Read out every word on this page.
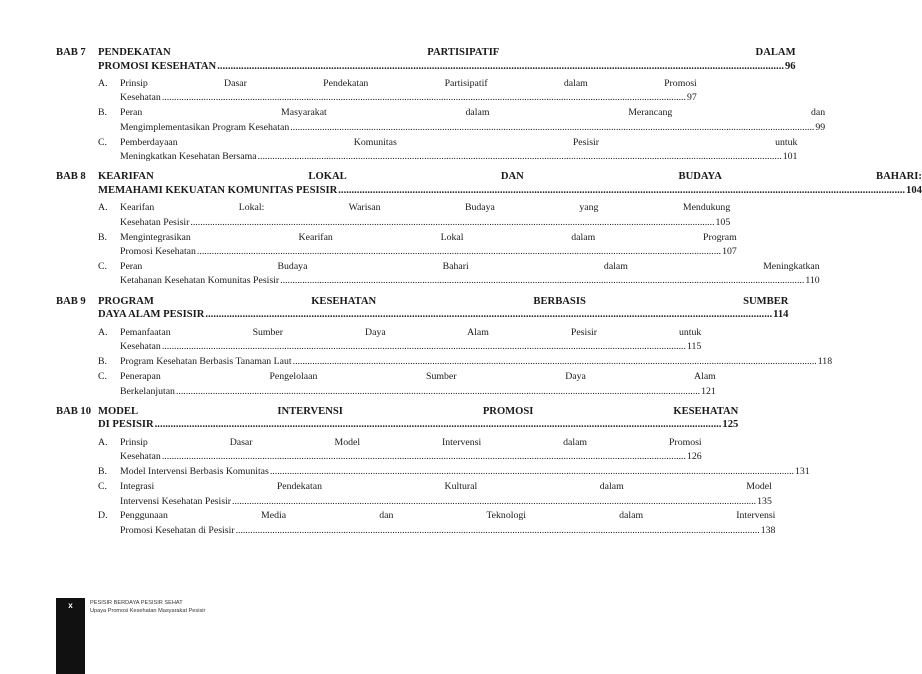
BAB 7	PENDEKATAN PARTISIPATIF DALAM
PROMOSI KESEHATAN .....	96
A.	Prinsip Dasar Pendekatan Partisipatif dalam Promosi
Kesehatan .....	97
B.	Peran Masyarakat dalam Merancang dan
Mengimplementasikan Program Kesehatan .....	99
C.	Pemberdayaan Komunitas Pesisir untuk
Meningkatkan Kesehatan Bersama .....	101
BAB 8	KEARIFAN LOKAL DAN BUDAYA BAHARI:
MEMAHAMI KEKUATAN KOMUNITAS PESISIR .....	104
A.	Kearifan Lokal: Warisan Budaya yang Mendukung
Kesehatan Pesisir .....	105
B.	Mengintegrasikan Kearifan Lokal dalam Program
Promosi Kesehatan .....	107
C.	Peran Budaya Bahari dalam Meningkatkan
Ketahanan Kesehatan Komunitas Pesisir .....	110
BAB 9	PROGRAM KESEHATAN BERBASIS SUMBER
DAYA ALAM PESISIR .....	114
A.	Pemanfaatan Sumber Daya Alam Pesisir untuk
Kesehatan .....	115
B.	Program Kesehatan Berbasis Tanaman Laut .....	118
C.	Penerapan Pengelolaan Sumber Daya Alam
Berkelanjutan .....	121
BAB 10 MODEL INTERVENSI PROMOSI KESEHATAN
DI PESISIR .....	125
A.	Prinsip Dasar Model Intervensi dalam Promosi
Kesehatan .....	126
B.	Model Intervensi Berbasis Komunitas .....	131
C.	Integrasi Pendekatan Kultural dalam Model
Intervensi Kesehatan Pesisir .....	135
D.	Penggunaan Media dan Teknologi dalam Intervensi
Promosi Kesehatan di Pesisir .....	138
x	PESISIR BERDAYA PESISIR SEHAT
Upaya Promosi Kesehatan Masyarakat Pesisir
